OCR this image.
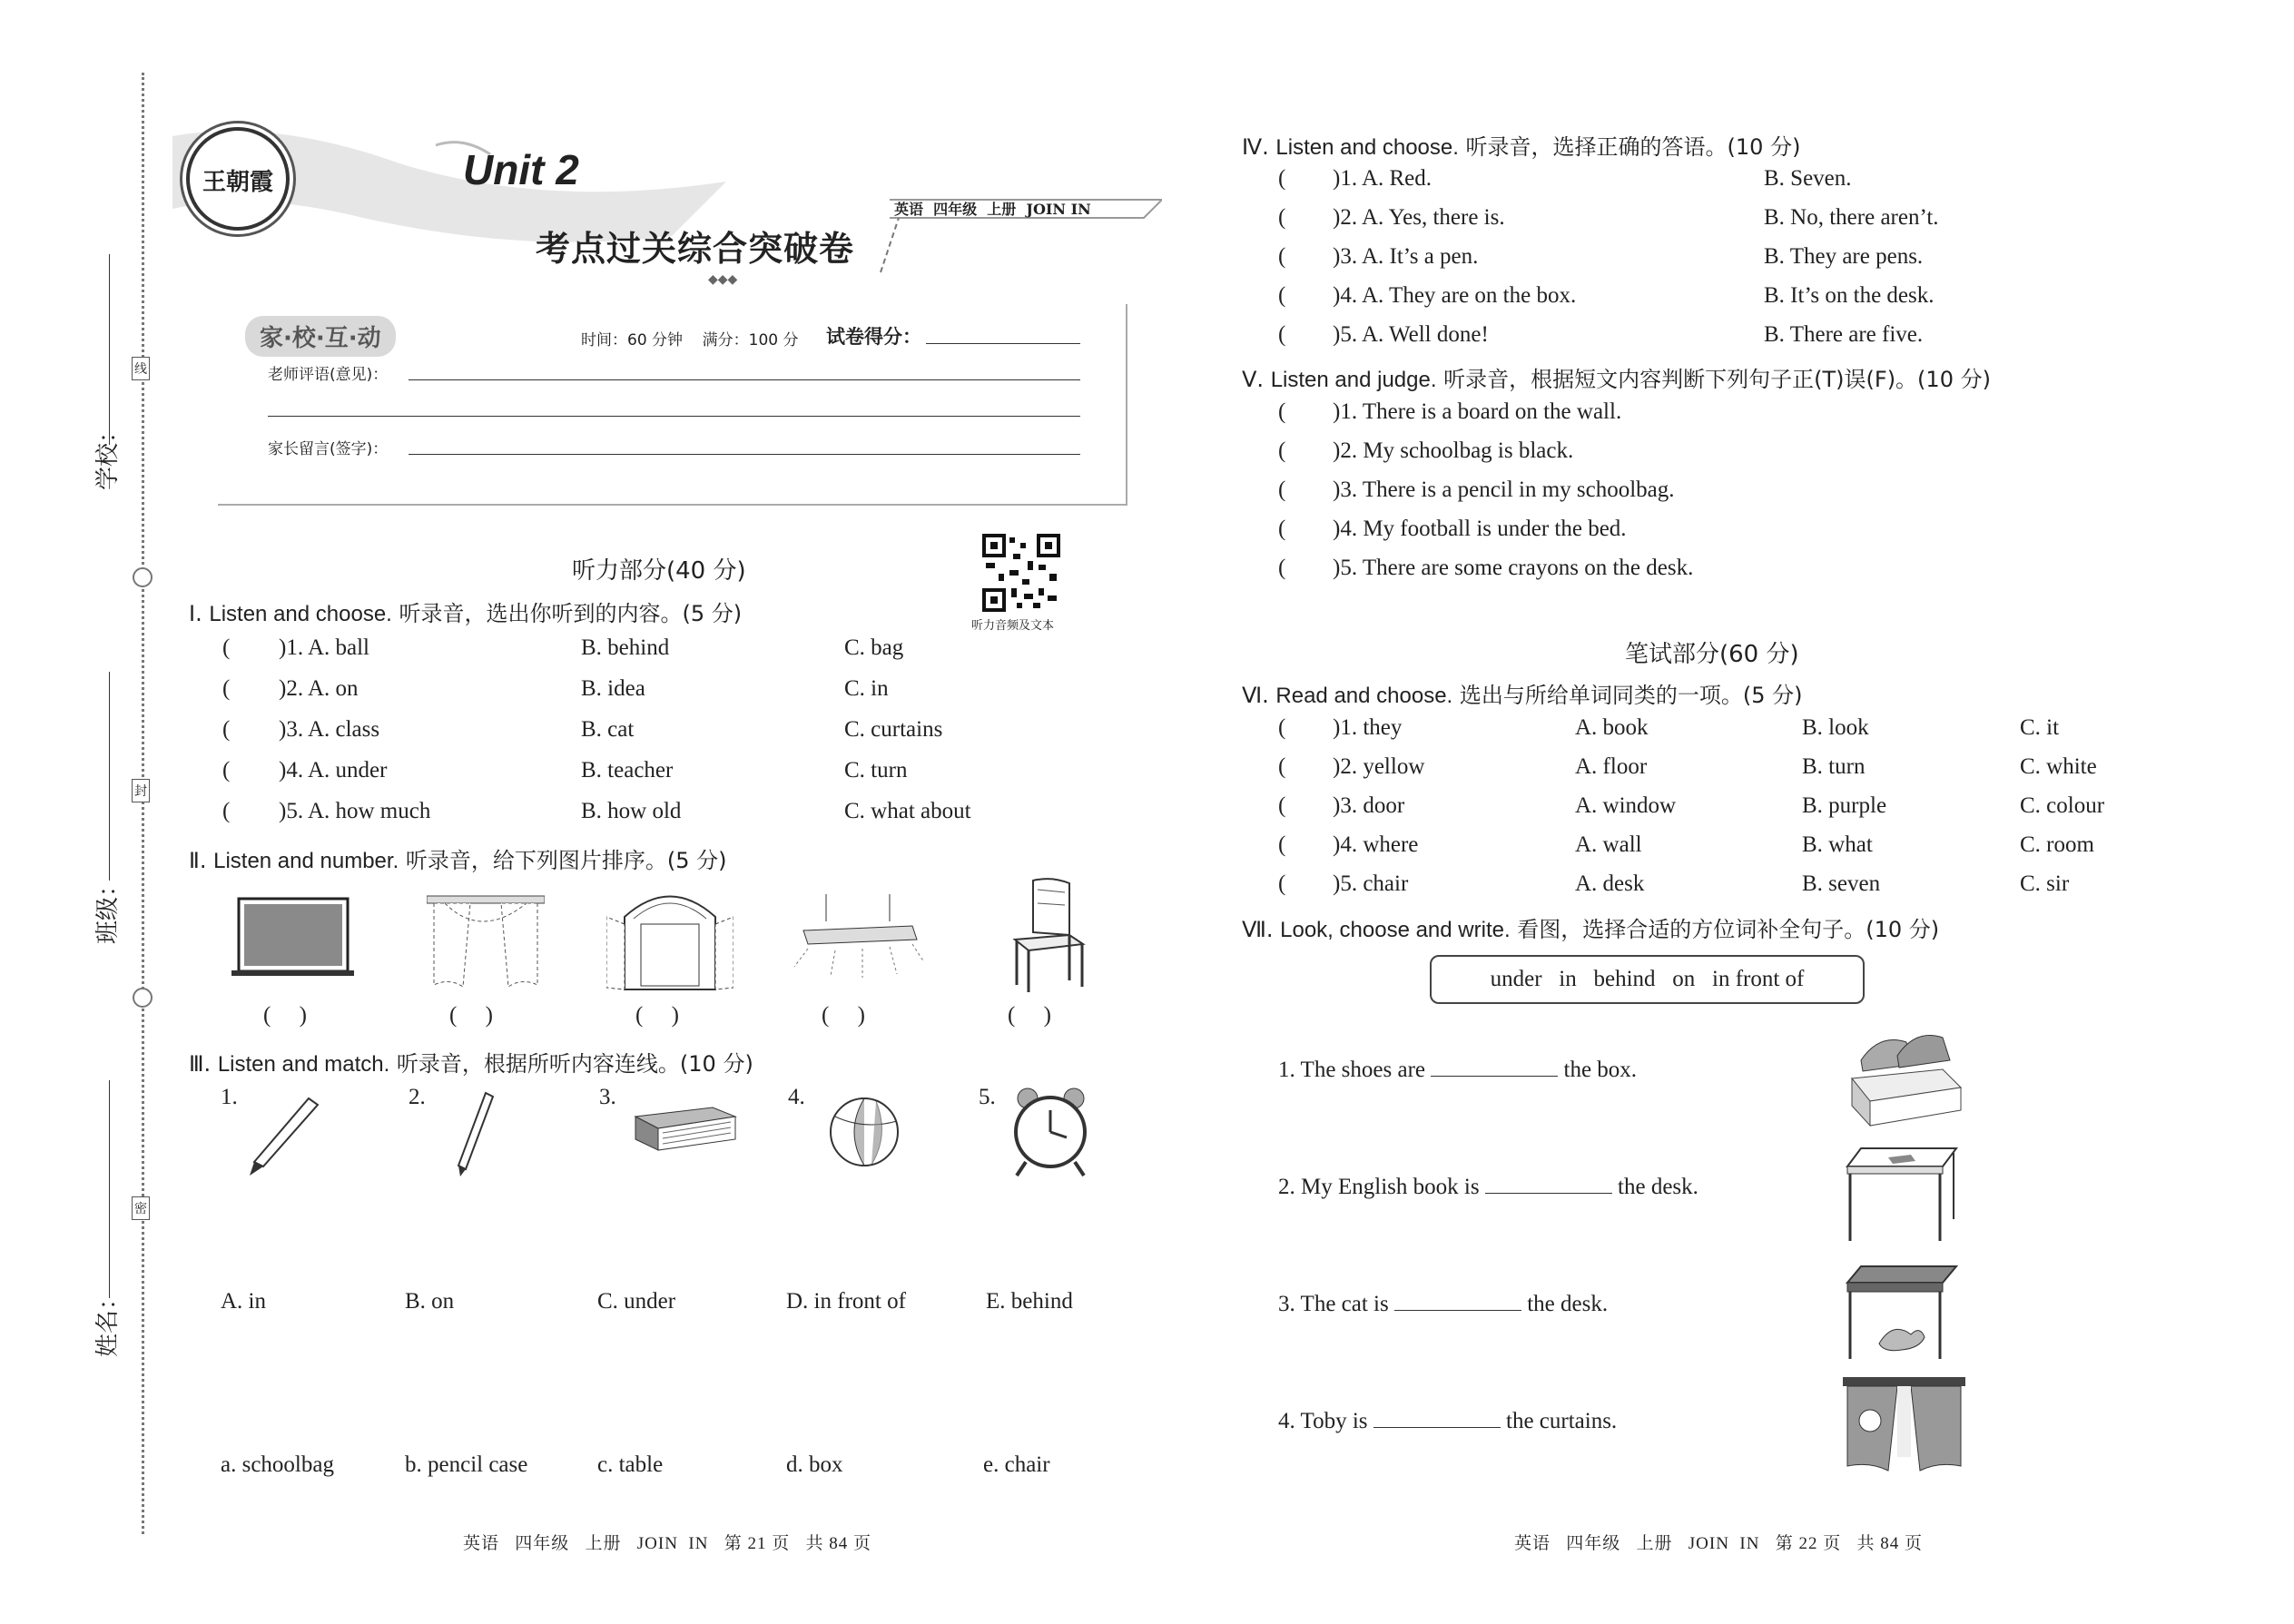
学校：
班级：
姓名：
线
封
密
王朝霞	Unit 2
考点过关综合突破卷
英语  四年级  上册  JOIN IN
◆◆◆
家·校·互·动	时间：60 分钟    满分：100 分 试卷得分：
老师评语(意见)：
家长留言(签字)：
听力部分(40 分)
听力音频及文本
Ⅰ. Listen and choose. 听录音，选出你听到的内容。(5 分)
( )1. A. ball	B. behind	C. bag
( )2. A. on	B. idea	C. in
( )3. A. class	B. cat	C. curtains
( )4. A. under	B. teacher	C. turn
( )5. A. how much	B. how old	C. what about
Ⅱ. Listen and number. 听录音，给下列图片排序。(5 分)
(     )	(     )	(     )	(     )	(     )
Ⅲ. Listen and match. 听录音，根据所听内容连线。(10 分)
1.	2.	3.	4.	5.
A. in	B. on	C. under	D. in front of	E. behind
a. schoolbag	b. pencil case	c. table	d. box	e. chair
英语   四年级   上册   JOIN  IN   第 21 页   共 84 页
Ⅳ. Listen and choose. 听录音，选择正确的答语。(10 分)
( )1. A. Red.	B. Seven.
( )2. A. Yes, there is.	B. No, there aren’t.
( )3. A. It’s a pen.	B. They are pens.
( )4. A. They are on the box.	B. It’s on the desk.
( )5. A. Well done!	B. There are five.
Ⅴ. Listen and judge. 听录音，根据短文内容判断下列句子正(T)误(F)。(10 分)
( )1. There is a board on the wall.
( )2. My schoolbag is black.
( )3. There is a pencil in my schoolbag.
( )4. My football is under the bed.
( )5. There are some crayons on the desk.
笔试部分(60 分)
Ⅵ. Read and choose. 选出与所给单词同类的一项。(5 分)
( )1. they	A. book	B. look	C. it
( )2. yellow	A. floor	B. turn	C. white
( )3. door	A. window	B. purple	C. colour
( )4. where	A. wall	B. what	C. room
( )5. chair	A. desk	B. seven	C. sir
Ⅶ. Look, choose and write. 看图，选择合适的方位词补全句子。(10 分)
under   in   behind   on   in front of
1. The shoes are	the box.
2. My English book is	the desk.
3. The cat is	the desk.
4. Toby is	the curtains.
英语   四年级   上册   JOIN  IN   第 22 页   共 84 页
